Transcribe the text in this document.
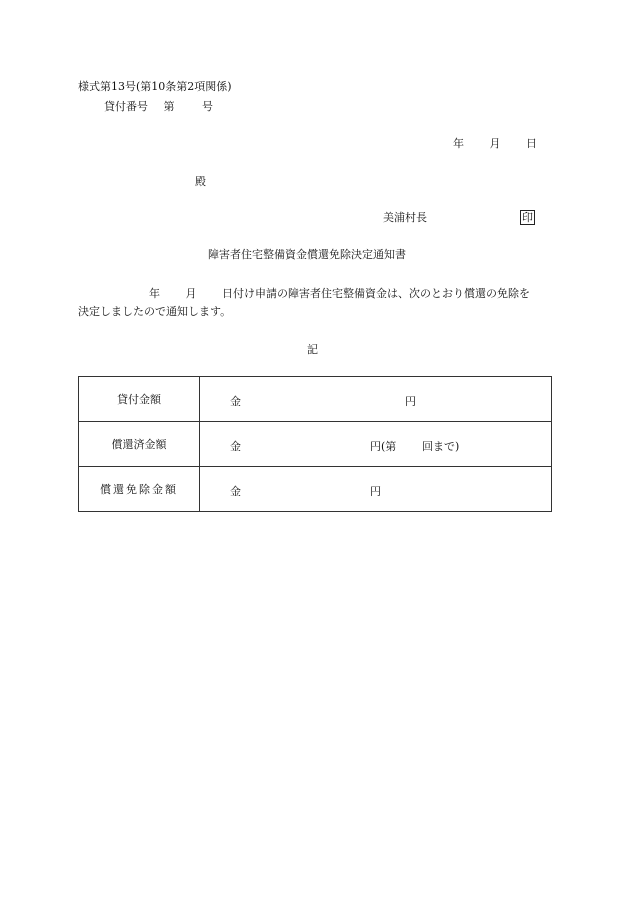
様式第13号(第10条第2項関係)
貸付番号 第	号
年 月 日
殿
美浦村長	印
障害者住宅整備資金償還免除決定通知書
年 月 日付け申請の障害者住宅整備資金は、次のとおり償還の免除を
決定しましたので通知します。
記
貸付金額	金 円

償還済金額	金 円(第 回まで)

償還免除金額	金 円
